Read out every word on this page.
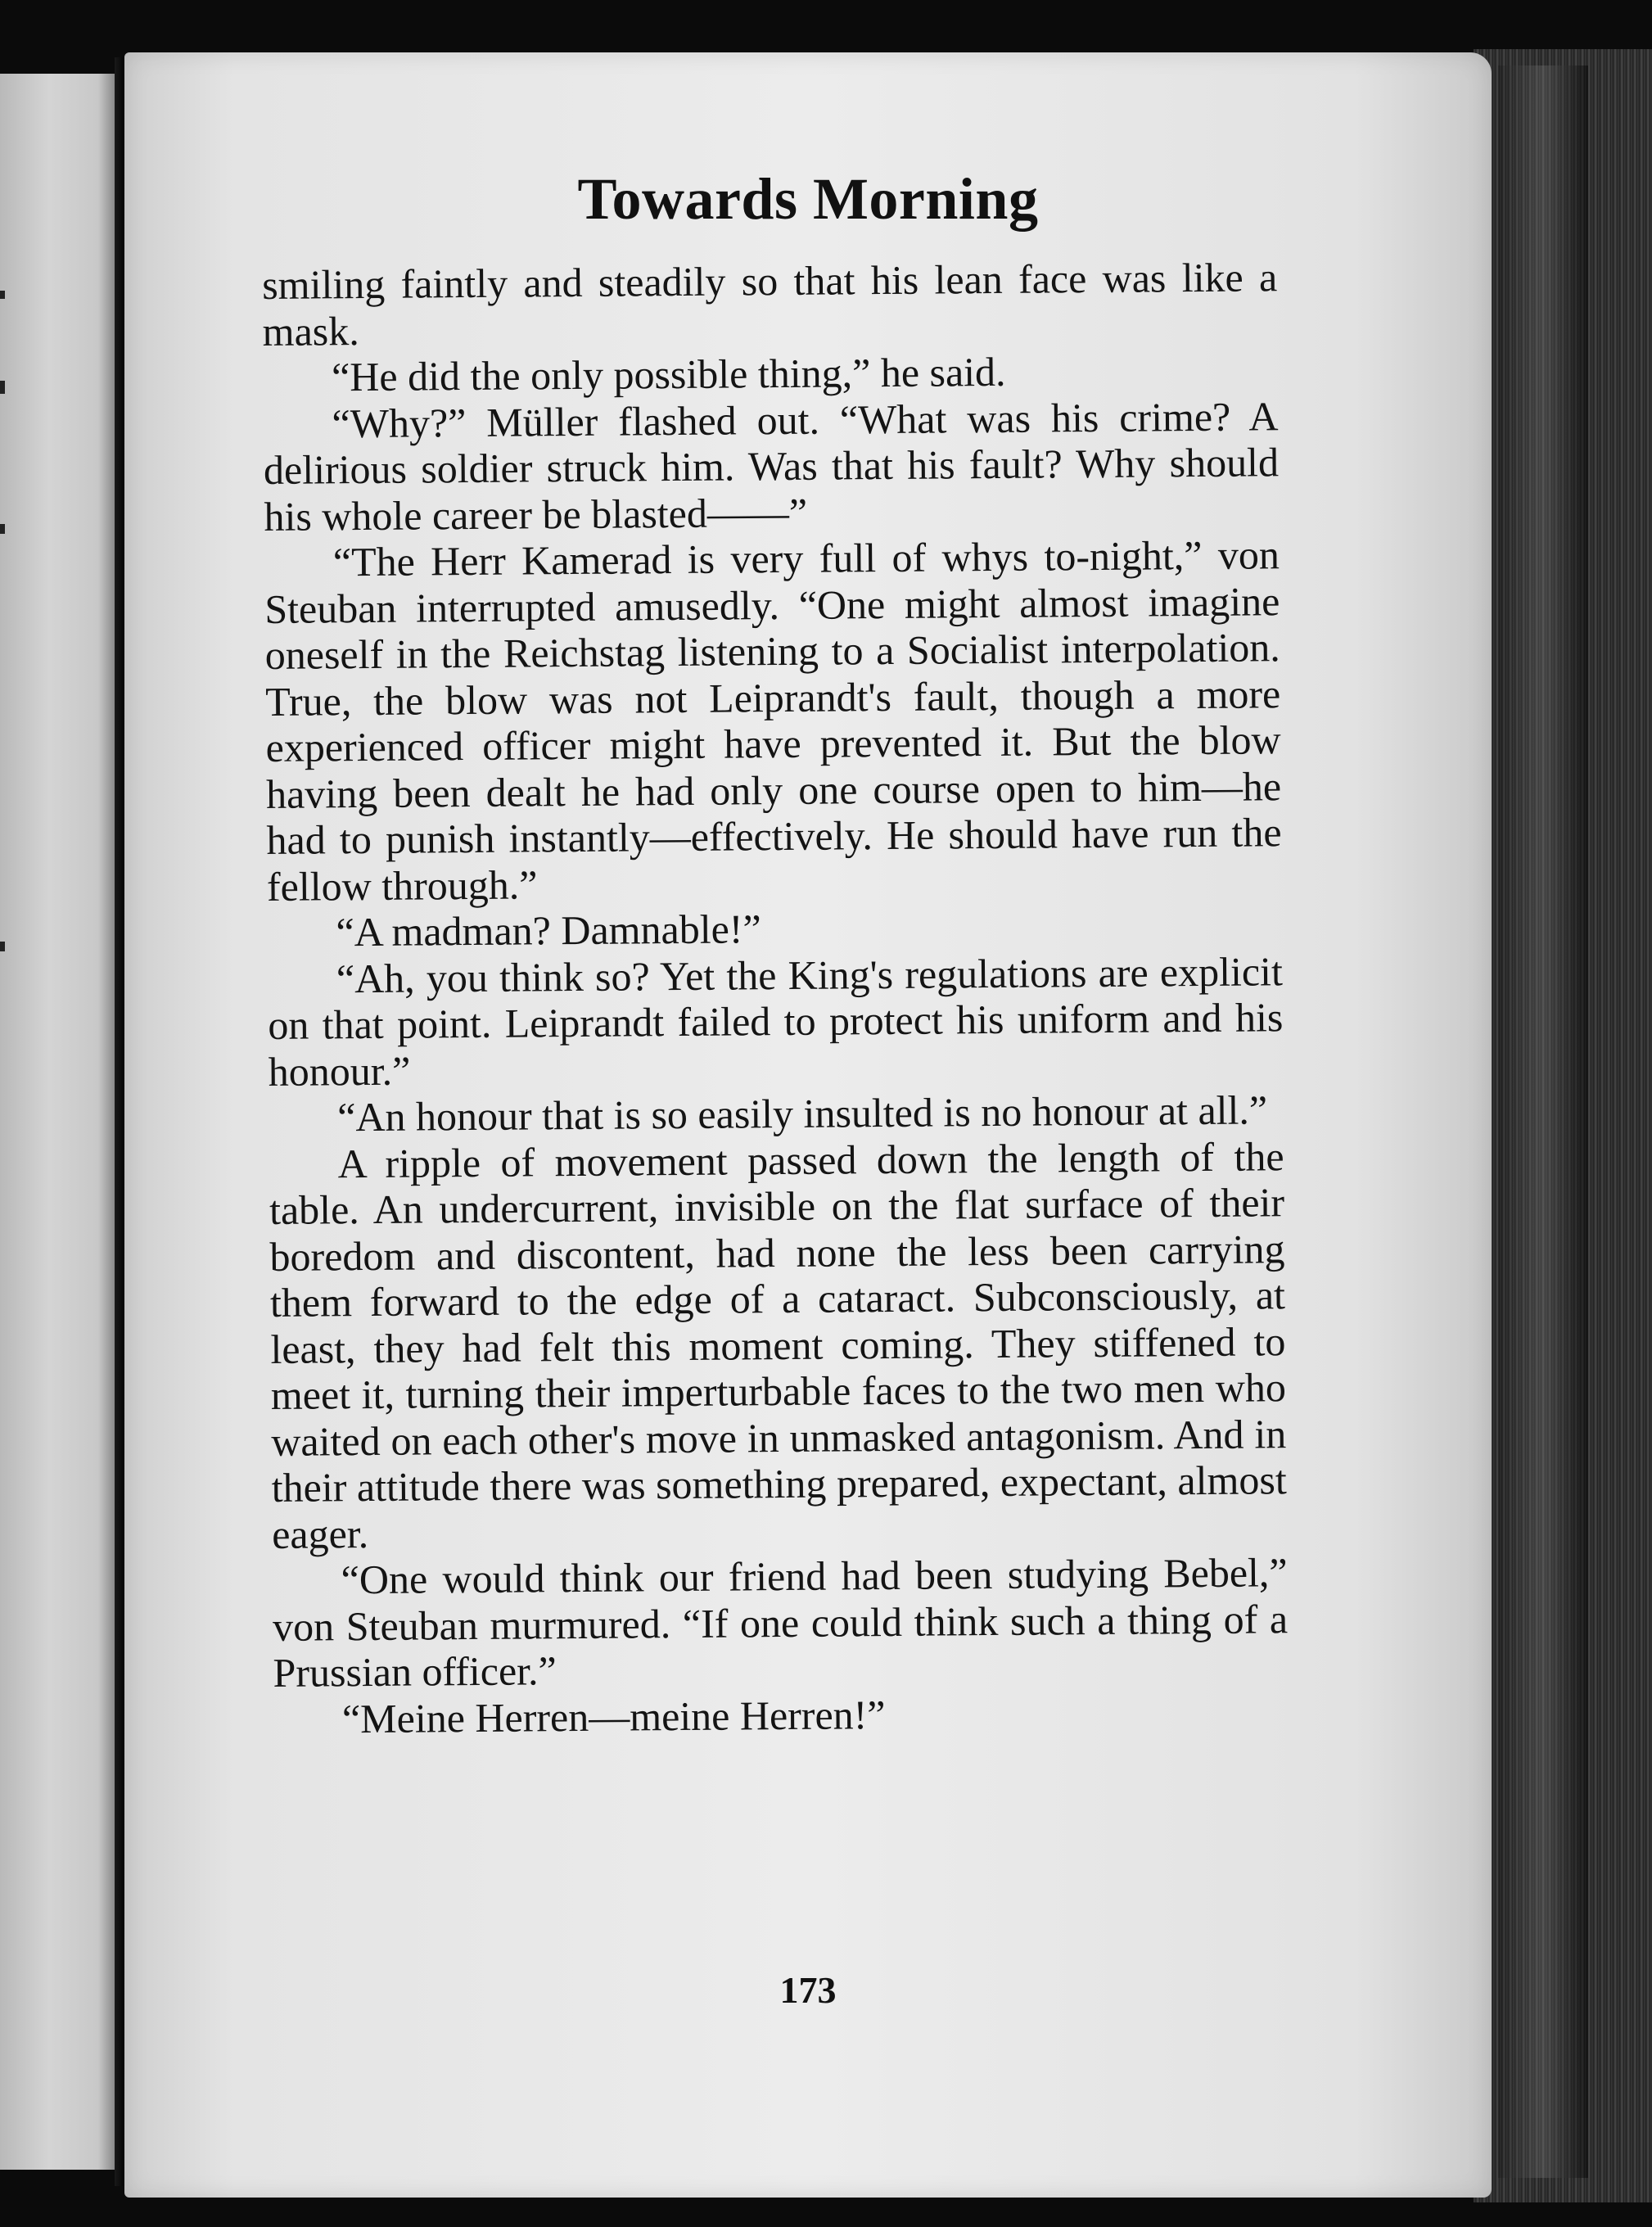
Towards Morning

smiling faintly and steadily so that his lean face was like a mask.

“He did the only possible thing,” he said.

“Why?” Müller flashed out. “What was his crime? A delirious soldier struck him. Was that his fault? Why should his whole career be blasted——”

“The Herr Kamerad is very full of whys to-night,” von Steuban interrupted amusedly. “One might almost imagine oneself in the Reichstag listening to a Socialist interpolation. True, the blow was not Leiprandt's fault, though a more experienced officer might have prevented it. But the blow having been dealt he had only one course open to him—he had to punish instantly—effectively. He should have run the fellow through.”

“A madman? Damnable!”

“Ah, you think so? Yet the King's regulations are explicit on that point. Leiprandt failed to protect his uniform and his honour.”

“An honour that is so easily insulted is no honour at all.”

A ripple of movement passed down the length of the table. An undercurrent, invisible on the flat surface of their boredom and discontent, had none the less been carrying them forward to the edge of a cataract. Subconsciously, at least, they had felt this moment coming. They stiffened to meet it, turning their imperturbable faces to the two men who waited on each other's move in unmasked antagonism. And in their attitude there was something prepared, expectant, almost eager.

“One would think our friend had been studying Bebel,” von Steuban murmured. “If one could think such a thing of a Prussian officer.”

“Meine Herren—meine Herren!”

173
